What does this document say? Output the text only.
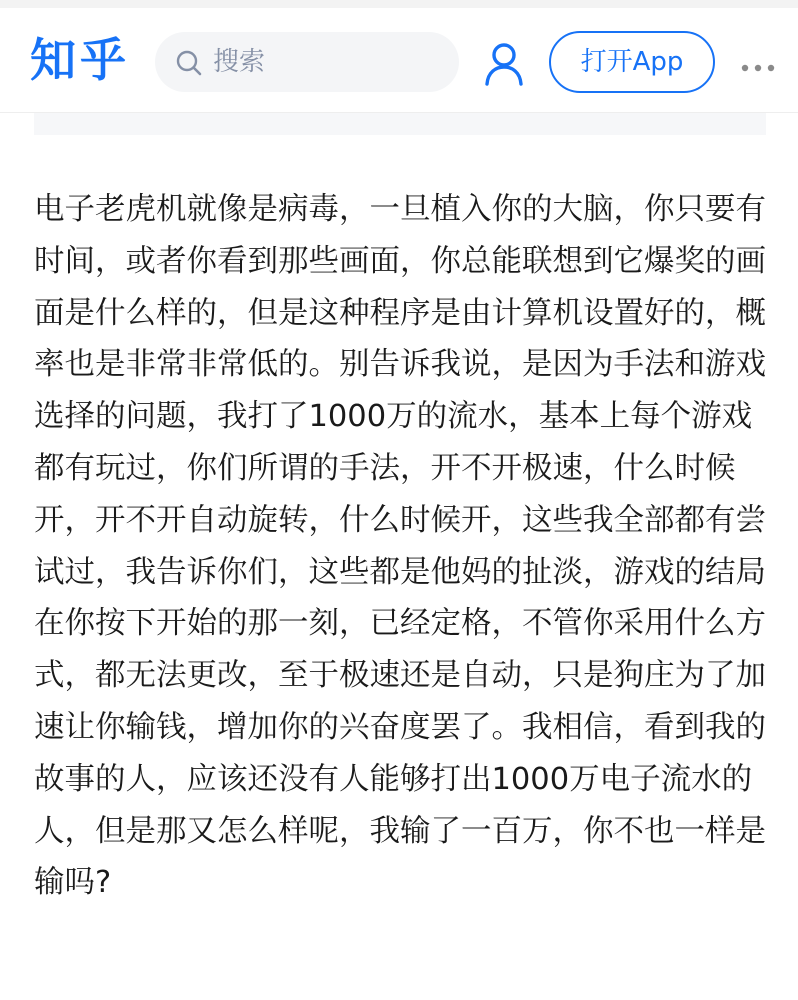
知乎	搜索	打开App

电子老虎机就像是病毒，一旦植入你的大脑，你只要有时间，或者你看到那些画面，你总能联想到它爆奖的画面是什么样的，但是这种程序是由计算机设置好的，概率也是非常非常低的。别告诉我说，是因为手法和游戏选择的问题，我打了1000万的流水，基本上每个游戏都有玩过，你们所谓的手法，开不开极速，什么时候开，开不开自动旋转，什么时候开，这些我全部都有尝试过，我告诉你们，这些都是他妈的扯淡，游戏的结局在你按下开始的那一刻，已经定格，不管你采用什么方式，都无法更改，至于极速还是自动，只是狗庄为了加速让你输钱，增加你的兴奋度罢了。我相信，看到我的故事的人，应该还没有人能够打出1000万电子流水的人，但是那又怎么样呢，我输了一百万，你不也一样是输吗?
